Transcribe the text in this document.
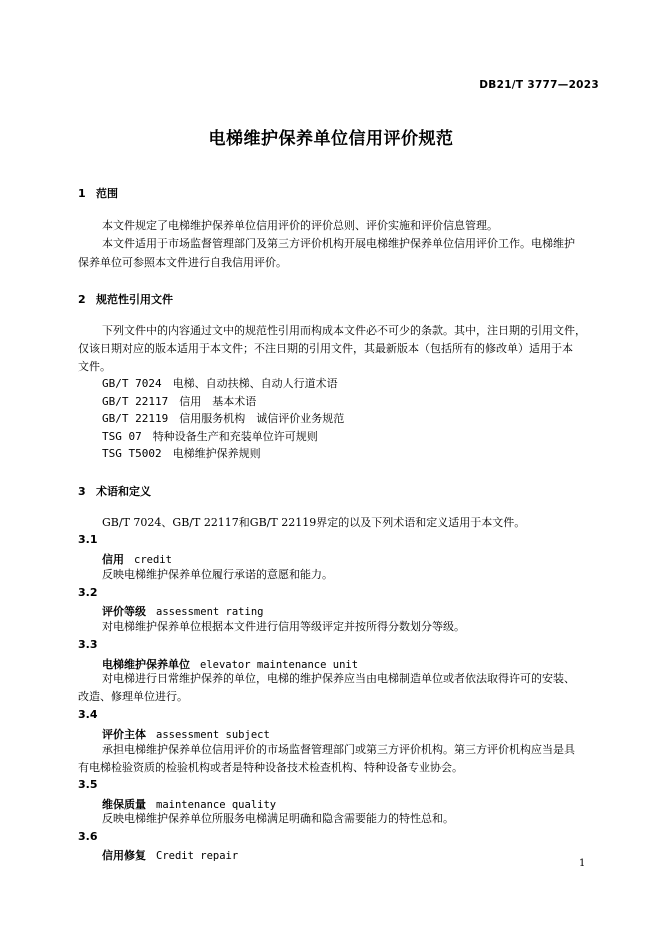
DB21/T 3777—2023
电梯维护保养单位信用评价规范
1 范围
本文件规定了电梯维护保养单位信用评价的评价总则、评价实施和评价信息管理。
本文件适用于市场监督管理部门及第三方评价机构开展电梯维护保养单位信用评价工作。电梯维护
保养单位可参照本文件进行自我信用评价。
2 规范性引用文件
下列文件中的内容通过文中的规范性引用而构成本文件必不可少的条款。其中，注日期的引用文件，
仅该日期对应的版本适用于本文件；不注日期的引用文件，其最新版本（包括所有的修改单）适用于本
文件。
GB/T 7024　 电梯、自动扶梯、自动人行道术语
GB/T 22117　 信用　基本术语
GB/T 22119　 信用服务机构　诚信评价业务规范
TSG 07　 特种设备生产和充装单位许可规则
TSG T5002　 电梯维护保养规则
3 术语和定义
GB/T 7024、GB/T 22117和GB/T 22119界定的以及下列术语和定义适用于本文件。
3.1
信用 credit
反映电梯维护保养单位履行承诺的意愿和能力。
3.2
评价等级 assessment rating
对电梯维护保养单位根据本文件进行信用等级评定并按所得分数划分等级。
3.3
电梯维护保养单位 elevator maintenance unit
对电梯进行日常维护保养的单位，电梯的维护保养应当由电梯制造单位或者依法取得许可的安装、
改造、修理单位进行。
3.4
评价主体 assessment subject
承担电梯维护保养单位信用评价的市场监督管理部门或第三方评价机构。第三方评价机构应当是具
有电梯检验资质的检验机构或者是特种设备技术检查机构、特种设备专业协会。
3.5
维保质量 maintenance quality
反映电梯维护保养单位所服务电梯满足明确和隐含需要能力的特性总和。
3.6
信用修复 Credit repair
1
